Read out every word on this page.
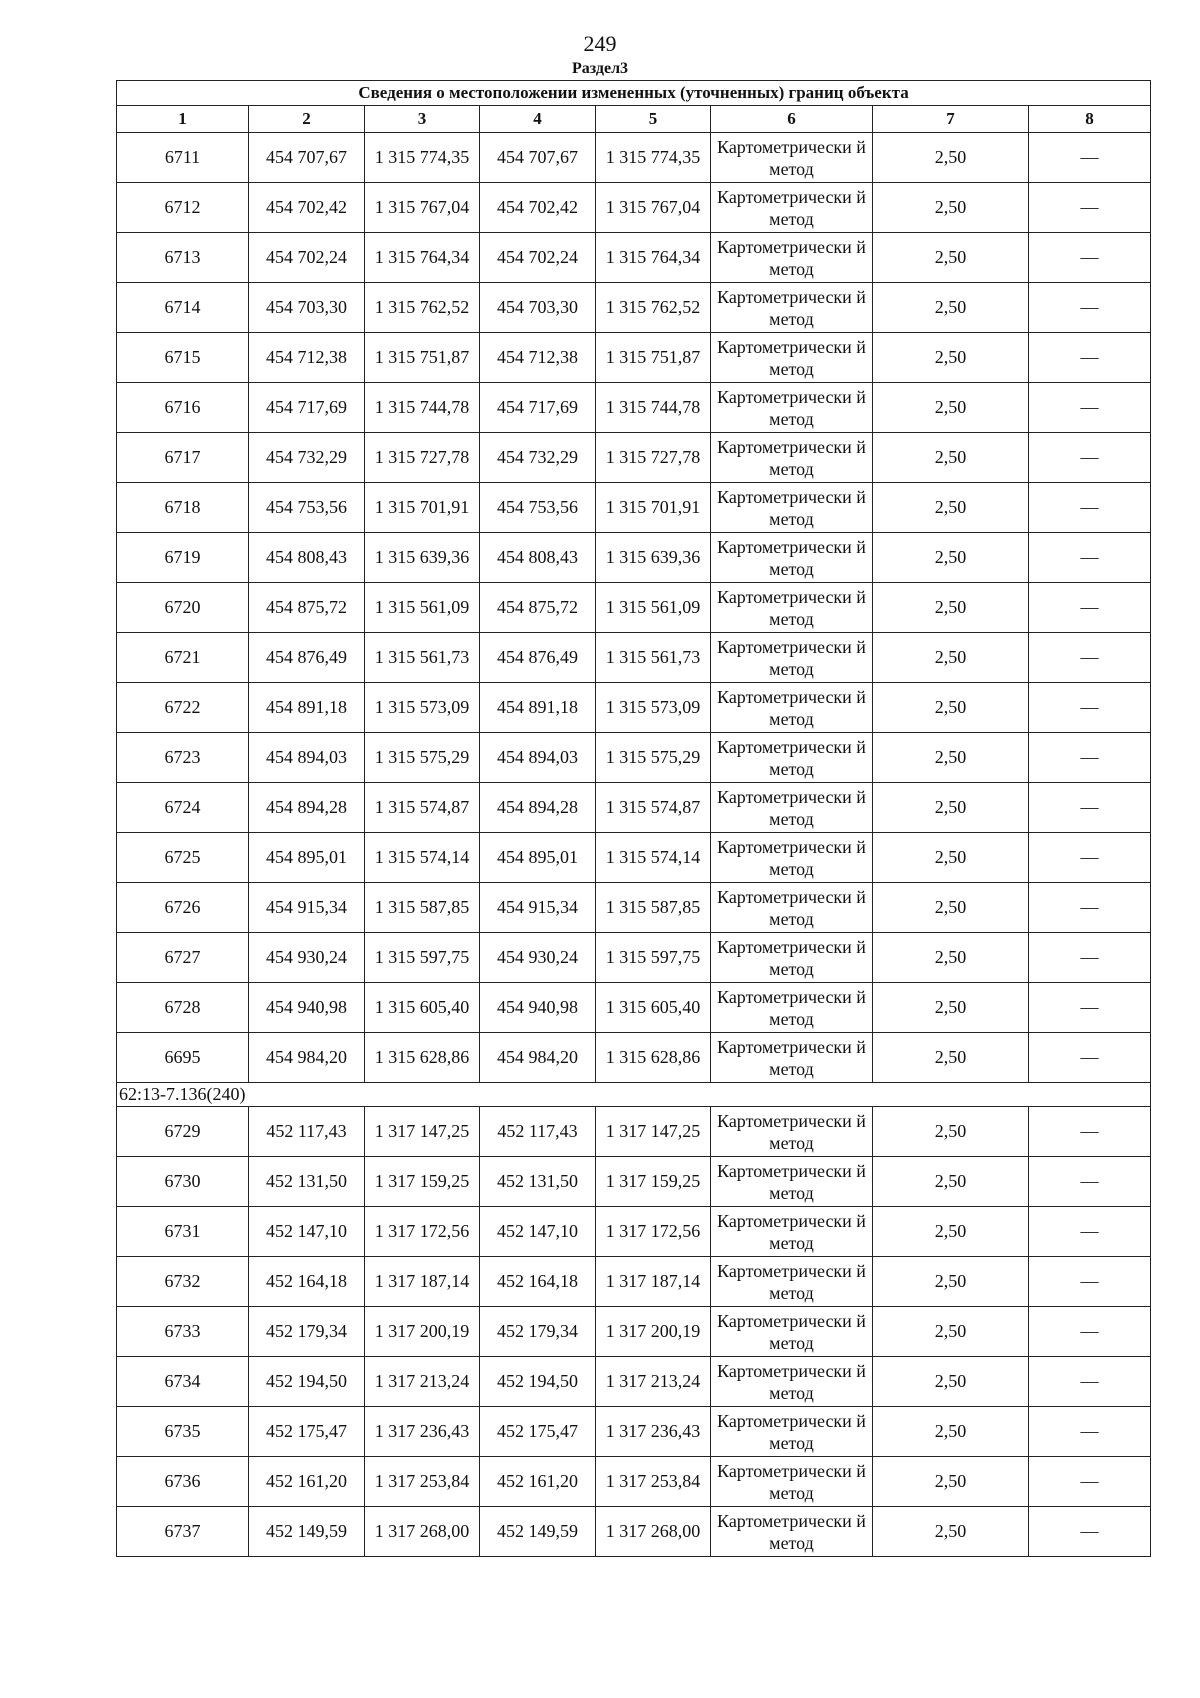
249
Раздел3
Сведения о местоположении измененных (уточненных) границ объекта							
1	2	3	4	5	6	7	8
6711	454 707,67	1 315 774,35	454 707,67	1 315 774,35	Картометрически й метод	2,50	—
6712	454 702,42	1 315 767,04	454 702,42	1 315 767,04	Картометрически й метод	2,50	—
6713	454 702,24	1 315 764,34	454 702,24	1 315 764,34	Картометрически й метод	2,50	—
6714	454 703,30	1 315 762,52	454 703,30	1 315 762,52	Картометрически й метод	2,50	—
6715	454 712,38	1 315 751,87	454 712,38	1 315 751,87	Картометрически й метод	2,50	—
6716	454 717,69	1 315 744,78	454 717,69	1 315 744,78	Картометрически й метод	2,50	—
6717	454 732,29	1 315 727,78	454 732,29	1 315 727,78	Картометрически й метод	2,50	—
6718	454 753,56	1 315 701,91	454 753,56	1 315 701,91	Картометрически й метод	2,50	—
6719	454 808,43	1 315 639,36	454 808,43	1 315 639,36	Картометрически й метод	2,50	—
6720	454 875,72	1 315 561,09	454 875,72	1 315 561,09	Картометрически й метод	2,50	—
6721	454 876,49	1 315 561,73	454 876,49	1 315 561,73	Картометрически й метод	2,50	—
6722	454 891,18	1 315 573,09	454 891,18	1 315 573,09	Картометрически й метод	2,50	—
6723	454 894,03	1 315 575,29	454 894,03	1 315 575,29	Картометрически й метод	2,50	—
6724	454 894,28	1 315 574,87	454 894,28	1 315 574,87	Картометрически й метод	2,50	—
6725	454 895,01	1 315 574,14	454 895,01	1 315 574,14	Картометрически й метод	2,50	—
6726	454 915,34	1 315 587,85	454 915,34	1 315 587,85	Картометрически й метод	2,50	—
6727	454 930,24	1 315 597,75	454 930,24	1 315 597,75	Картометрически й метод	2,50	—
6728	454 940,98	1 315 605,40	454 940,98	1 315 605,40	Картометрически й метод	2,50	—
6695	454 984,20	1 315 628,86	454 984,20	1 315 628,86	Картометрически й метод	2,50	—
62:13-7.136(240)							
6729	452 117,43	1 317 147,25	452 117,43	1 317 147,25	Картометрически й метод	2,50	—
6730	452 131,50	1 317 159,25	452 131,50	1 317 159,25	Картометрически й метод	2,50	—
6731	452 147,10	1 317 172,56	452 147,10	1 317 172,56	Картометрически й метод	2,50	—
6732	452 164,18	1 317 187,14	452 164,18	1 317 187,14	Картометрически й метод	2,50	—
6733	452 179,34	1 317 200,19	452 179,34	1 317 200,19	Картометрически й метод	2,50	—
6734	452 194,50	1 317 213,24	452 194,50	1 317 213,24	Картометрически й метод	2,50	—
6735	452 175,47	1 317 236,43	452 175,47	1 317 236,43	Картометрически й метод	2,50	—
6736	452 161,20	1 317 253,84	452 161,20	1 317 253,84	Картометрически й метод	2,50	—
6737	452 149,59	1 317 268,00	452 149,59	1 317 268,00	Картометрически й метод	2,50	—
